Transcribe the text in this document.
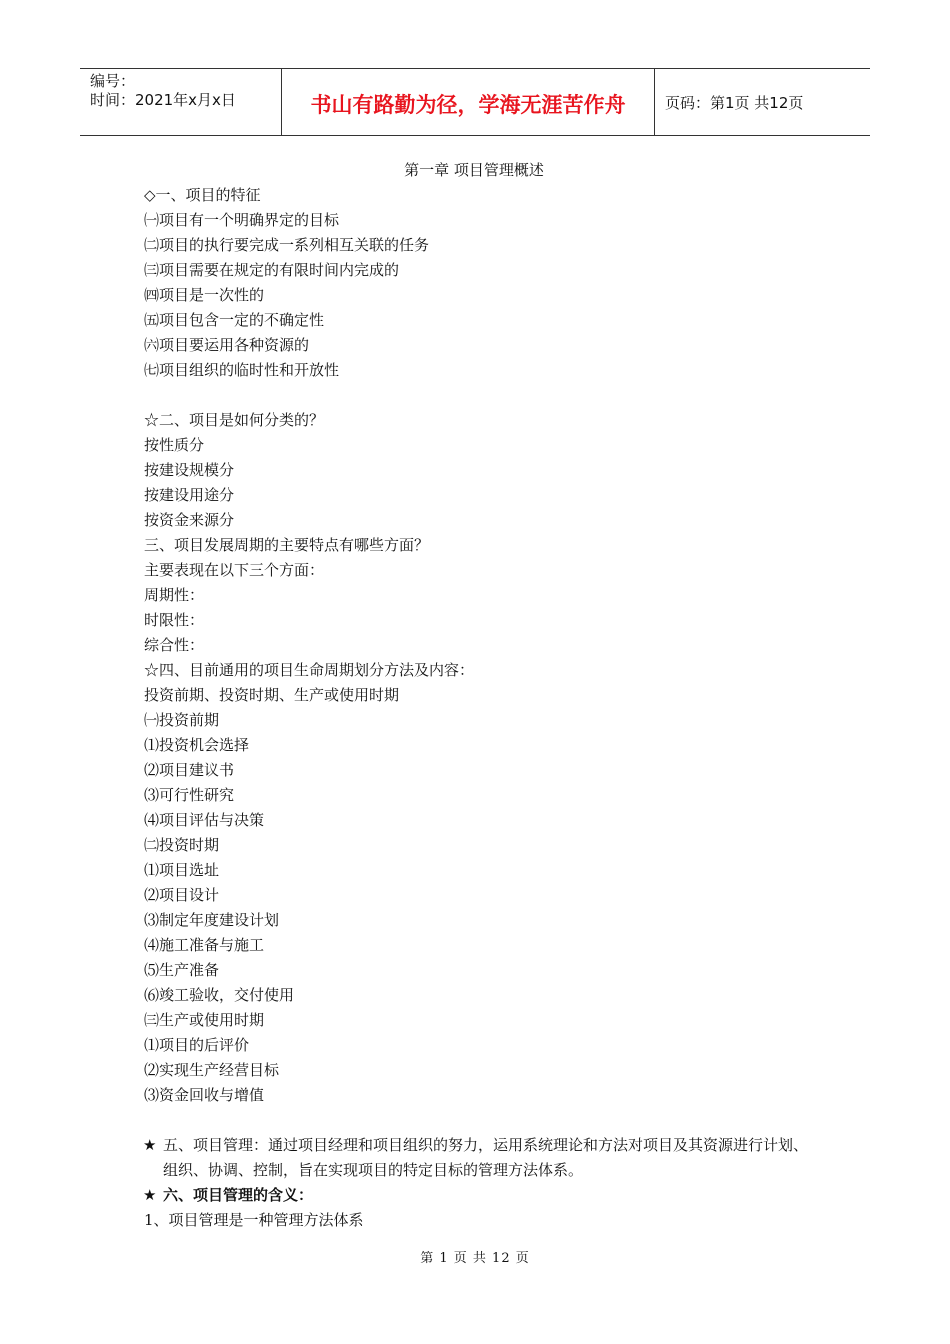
编号：
时间：2021年x月x日	书山有路勤为径，学海无涯苦作舟	页码：第1页 共12页
第一章 项目管理概述
◇一、项目的特征
㈠项目有一个明确界定的目标
㈡项目的执行要完成一系列相互关联的任务
㈢项目需要在规定的有限时间内完成的
㈣项目是一次性的
㈤项目包含一定的不确定性
㈥项目要运用各种资源的
㈦项目组织的临时性和开放性
☆二、项目是如何分类的？
按性质分
按建设规模分
按建设用途分
按资金来源分
三、项目发展周期的主要特点有哪些方面？
主要表现在以下三个方面：
周期性：
时限性：
综合性：
☆四、目前通用的项目生命周期划分方法及内容：
投资前期、投资时期、生产或使用时期
㈠投资前期
⑴投资机会选择
⑵项目建议书
⑶可行性研究
⑷项目评估与决策
㈡投资时期
⑴项目选址
⑵项目设计
⑶制定年度建设计划
⑷施工准备与施工
⑸生产准备
⑹竣工验收，交付使用
㈢生产或使用时期
⑴项目的后评价
⑵实现生产经营目标
⑶资金回收与增值
★ 五、项目管理：通过项目经理和项目组织的努力，运用系统理论和方法对项目及其资源进行计划、组织、协调、控制，旨在实现项目的特定目标的管理方法体系。
★ 六、项目管理的含义：
1、项目管理是一种管理方法体系
第 1 页 共 12 页
